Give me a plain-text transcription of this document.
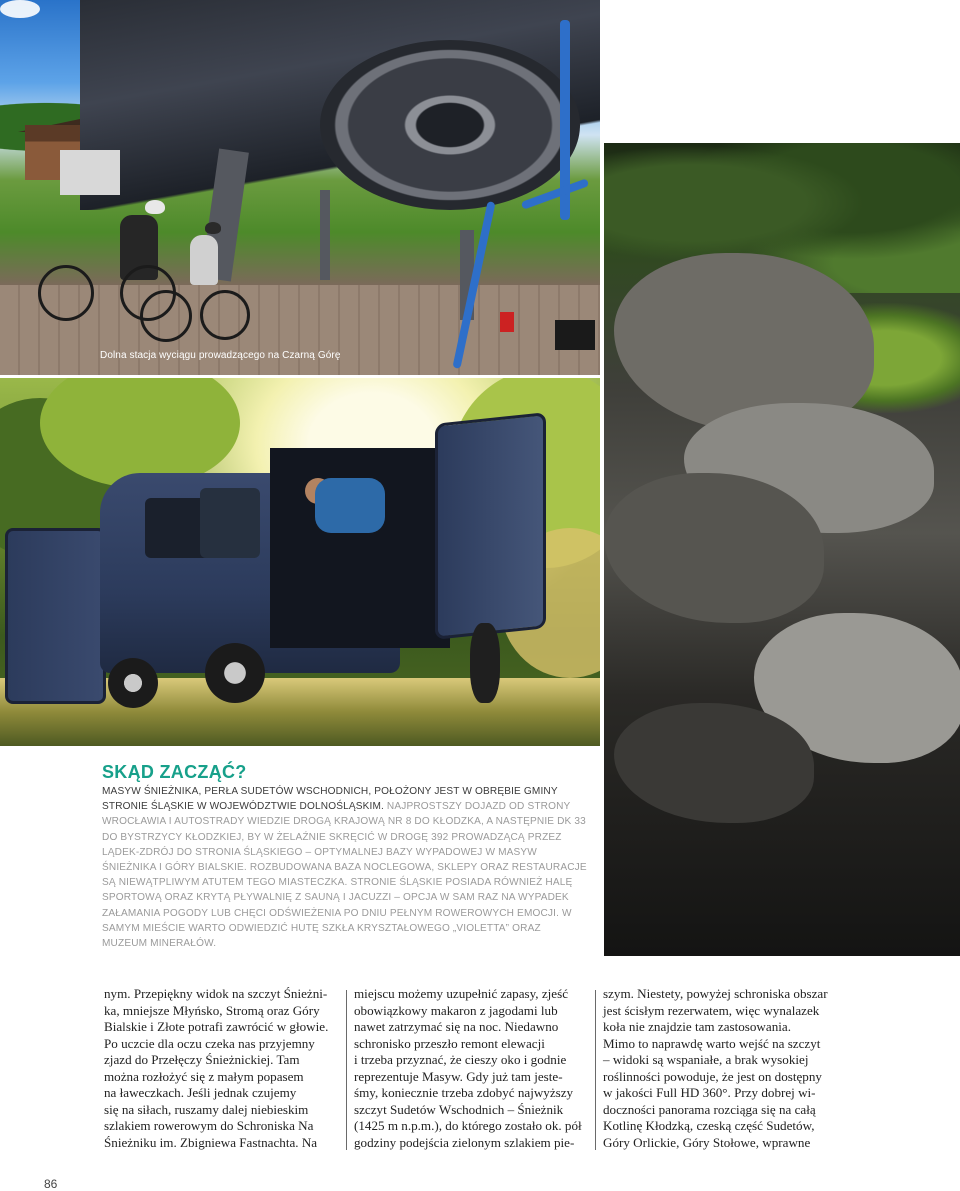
Dolna stacja wyciągu prowadzącego na Czarną Górę
SKĄD ZACZĄĆ?
MASYW ŚNIEŻNIKA, PERŁA SUDETÓW WSCHODNICH, POŁOŻONY JEST W OBRĘBIE GMINY STRONIE ŚLĄSKIE W WOJEWÓDZTWIE DOLNOŚLĄSKIM. NAJPROSTSZY DOJAZD OD STRONY WROCŁAWIA I AUTOSTRADY WIEDZIE DROGĄ KRAJOWĄ NR 8 DO KŁODZKA, A NASTĘPNIE DK 33 DO BYSTRZYCY KŁODZKIEJ, BY W ŻELAŹNIE SKRĘCIĆ W DROGĘ 392 PROWADZĄCĄ PRZEZ LĄDEK-ZDRÓJ DO STRONIA ŚLĄSKIEGO – OPTYMALNEJ BAZY WYPADOWEJ W MASYW ŚNIEŻNIKA I GÓRY BIALSKIE. ROZBUDOWANA BAZA NOCLEGOWA, SKLEPY ORAZ RESTAURACJE SĄ NIEWĄTPLIWYM ATUTEM TEGO MIASTECZKA. STRONIE ŚLĄSKIE POSIADA RÓWNIEŻ HALĘ SPORTOWĄ ORAZ KRYTĄ PŁYWALNIĘ Z SAUNĄ I JACUZZI – OPCJA W SAM RAZ NA WYPADEK ZAŁAMANIA POGODY LUB CHĘCI ODŚWIEŻENIA PO DNIU PEŁNYM ROWEROWYCH EMOCJI. W SAMYM MIEŚCIE WARTO ODWIEDZIĆ HUTĘ SZKŁA KRYSZTAŁOWEGO „VIOLETTA” ORAZ MUZEUM MINERAŁÓW.
nym. Przepiękny widok na szczyt Śnieżni-
ka, mniejsze Młyńsko, Stromą oraz Góry
Bialskie i Złote potrafi zawrócić w głowie.
Po uczcie dla oczu czeka nas przyjemny
zjazd do Przełęczy Śnieżnickiej. Tam
można rozłożyć się z małym popasem
na ławeczkach. Jeśli jednak czujemy
się na siłach, ruszamy dalej niebieskim
szlakiem rowerowym do Schroniska Na
Śnieżniku im. Zbigniewa Fastnachta. Na
miejscu możemy uzupełnić zapasy, zjeść
obowiązkowy makaron z jagodami lub
nawet zatrzymać się na noc. Niedawno
schronisko przeszło remont elewacji
i trzeba przyznać, że cieszy oko i godnie
reprezentuje Masyw. Gdy już tam jeste-
śmy, koniecznie trzeba zdobyć najwyższy
szczyt Sudetów Wschodnich – Śnieżnik
(1425 m n.p.m.), do którego zostało ok. pół
godziny podejścia zielonym szlakiem pie-
szym. Niestety, powyżej schroniska obszar
jest ścisłym rezerwatem, więc wynalazek
koła nie znajdzie tam zastosowania.
Mimo to naprawdę warto wejść na szczyt
– widoki są wspaniałe, a brak wysokiej
roślinności powoduje, że jest on dostępny
w jakości Full HD 360°. Przy dobrej wi-
doczności panorama rozciąga się na całą
Kotlinę Kłodzką, czeską część Sudetów,
Góry Orlickie, Góry Stołowe, wprawne
86
